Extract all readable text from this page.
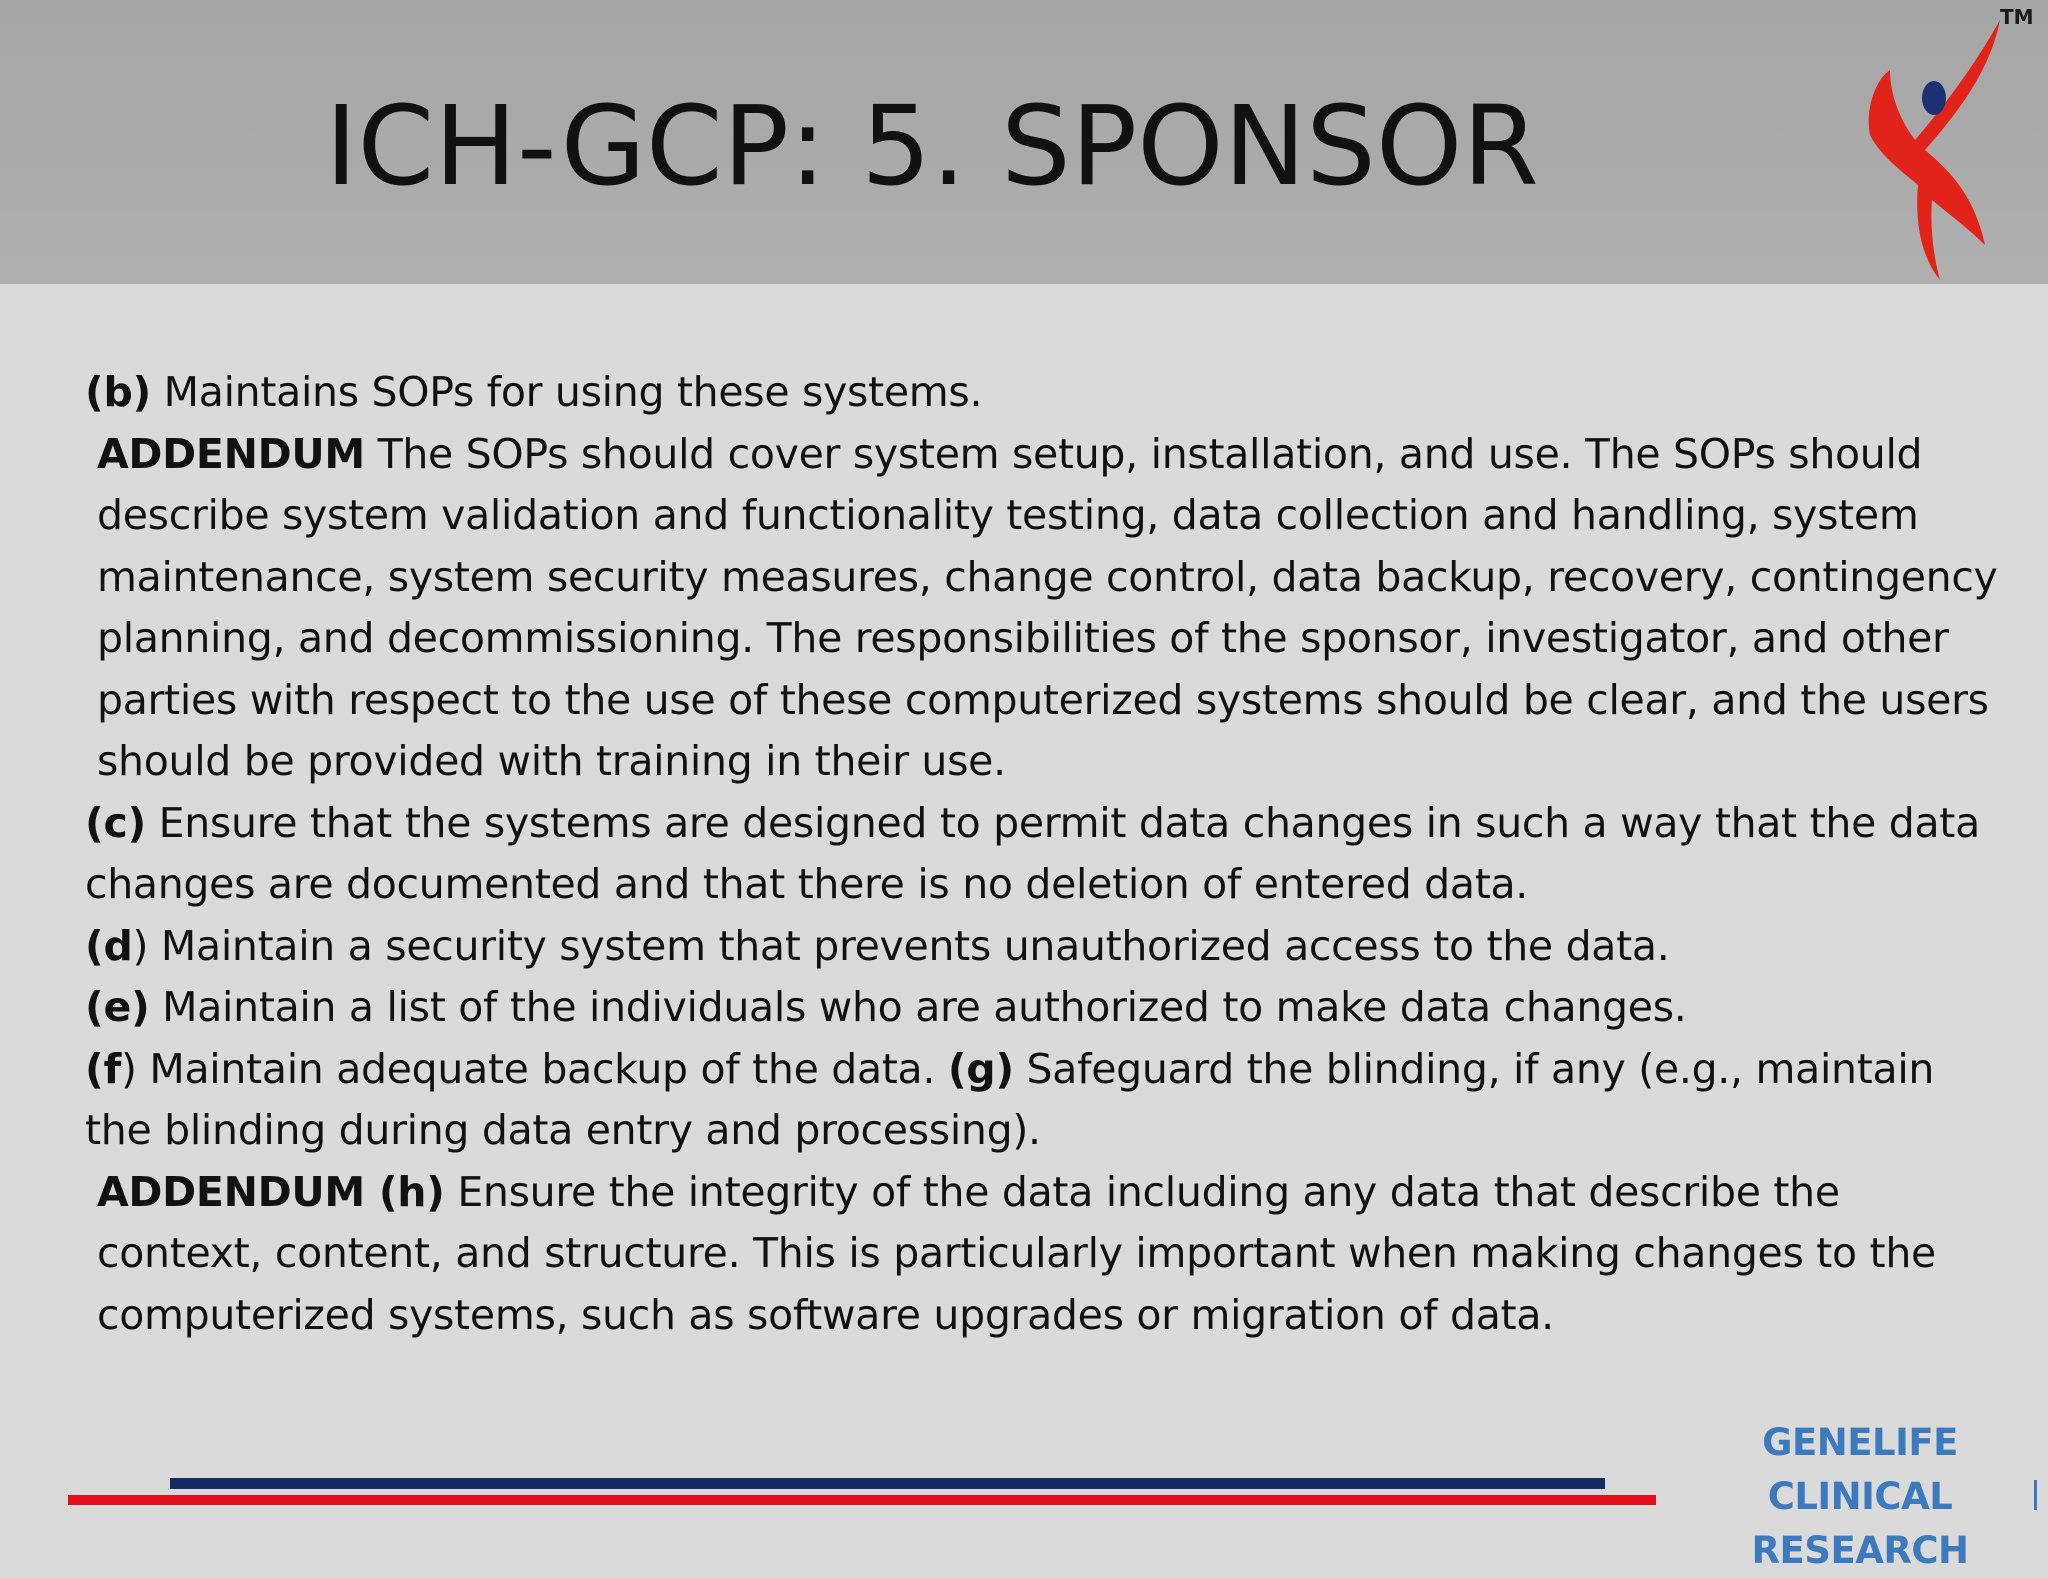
ICH-GCP: 5. SPONSOR
TM

(b) Maintains SOPs for using these systems.

ADDENDUM The SOPs should cover system setup, installation, and use. The SOPs should describe system validation and functionality testing, data collection and handling, system maintenance, system security measures, change control, data backup, recovery, contingency planning, and decommissioning. The responsibilities of the sponsor, investigator, and other parties with respect to the use of these computerized systems should be clear, and the users should be provided with training in their use.

(c) Ensure that the systems are designed to permit data changes in such a way that the data changes are documented and that there is no deletion of entered data.

(d) Maintain a security system that prevents unauthorized access to the data.

(e) Maintain a list of the individuals who are authorized to make data changes.

(f) Maintain adequate backup of the data. (g) Safeguard the blinding, if any (e.g., maintain the blinding during data entry and processing).

ADDENDUM (h) Ensure the integrity of the data including any data that describe the context, content, and structure. This is particularly important when making changes to the computerized systems, such as software upgrades or migration of data.

GENELIFE CLINICAL
RESEARCH
